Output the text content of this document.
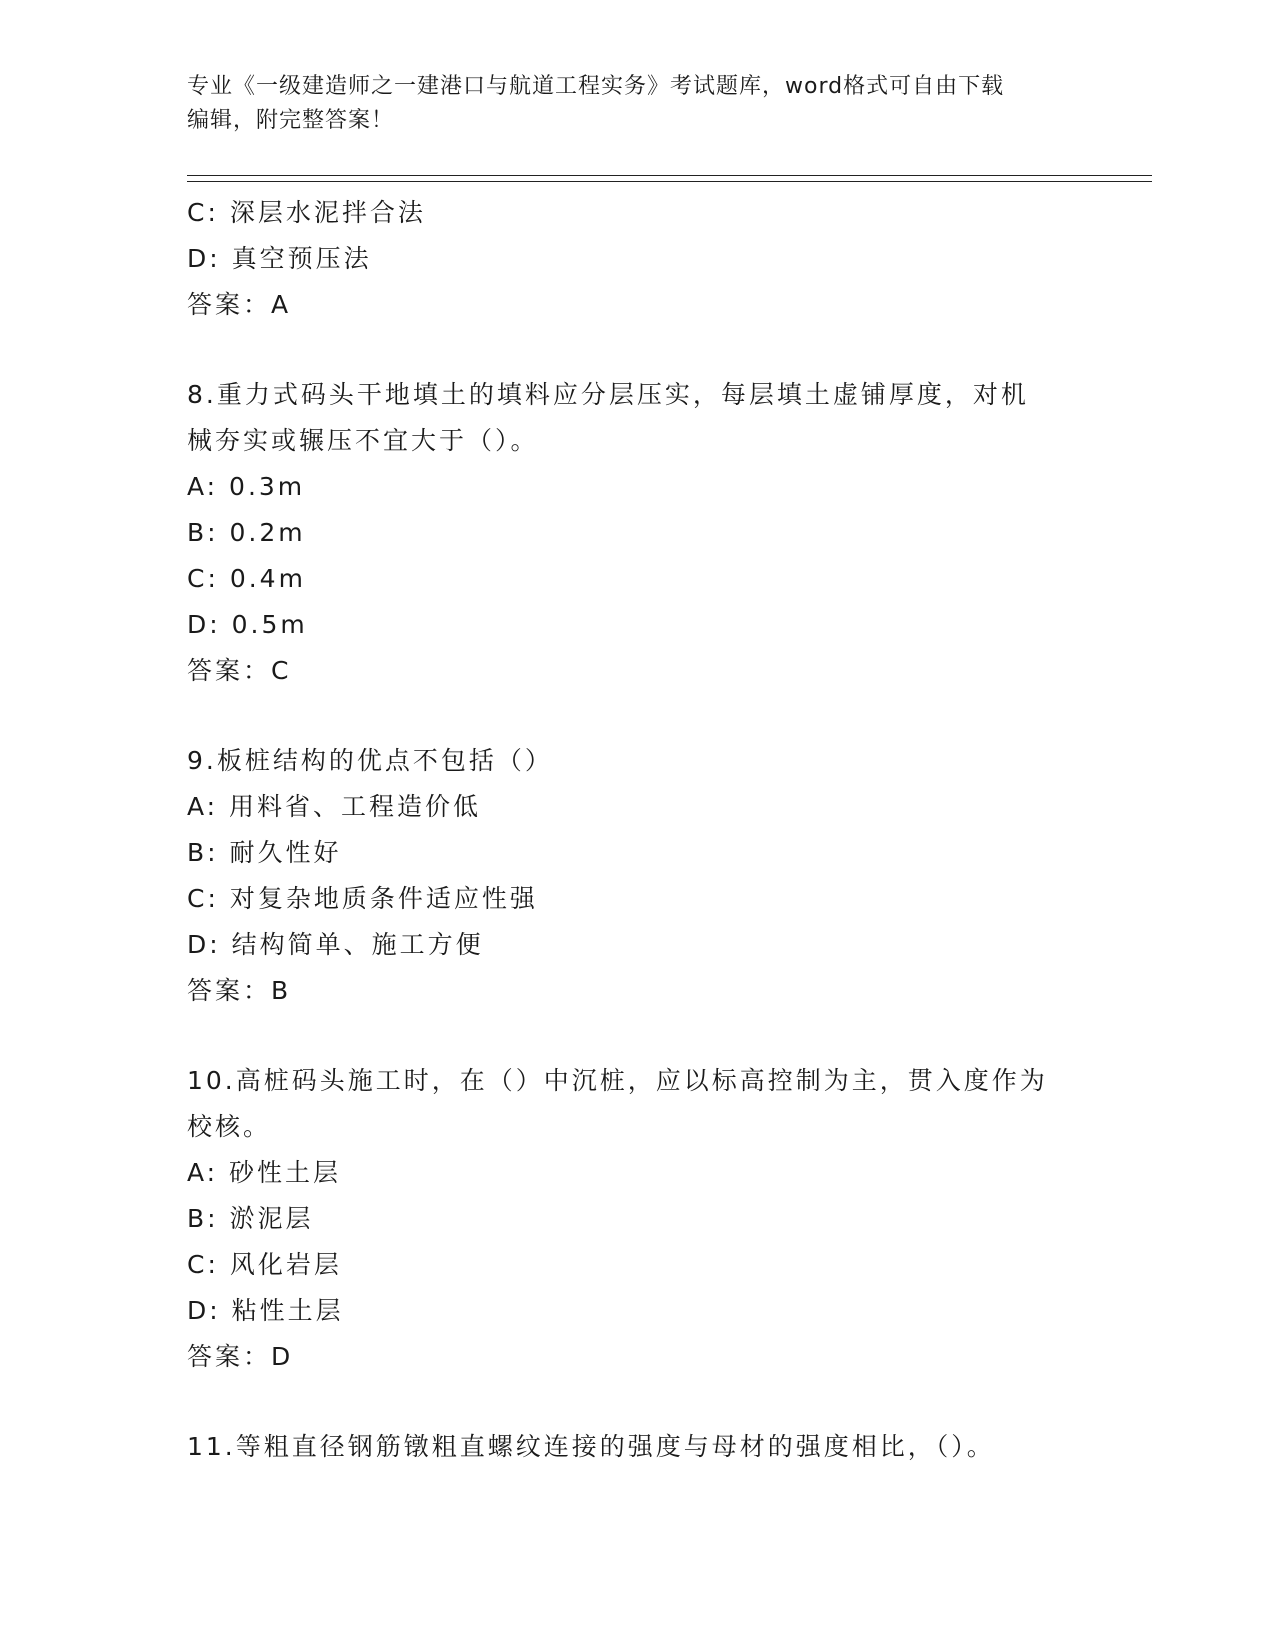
专业《一级建造师之一建港口与航道工程实务》考试题库，word格式可自由下载
编辑，附完整答案！
C: 深层水泥拌合法
D: 真空预压法
答案：A
8.重力式码头干地填土的填料应分层压实，每层填土虚铺厚度，对机
械夯实或辗压不宜大于（）。
A: 0.3m
B: 0.2m
C: 0.4m
D: 0.5m
答案：C
9.板桩结构的优点不包括（）
A: 用料省、工程造价低
B: 耐久性好
C: 对复杂地质条件适应性强
D: 结构简单、施工方便
答案：B
10.高桩码头施工时，在（）中沉桩，应以标高控制为主，贯入度作为
校核。
A: 砂性土层
B: 淤泥层
C: 风化岩层
D: 粘性土层
答案：D
11.等粗直径钢筋镦粗直螺纹连接的强度与母材的强度相比，（）。
